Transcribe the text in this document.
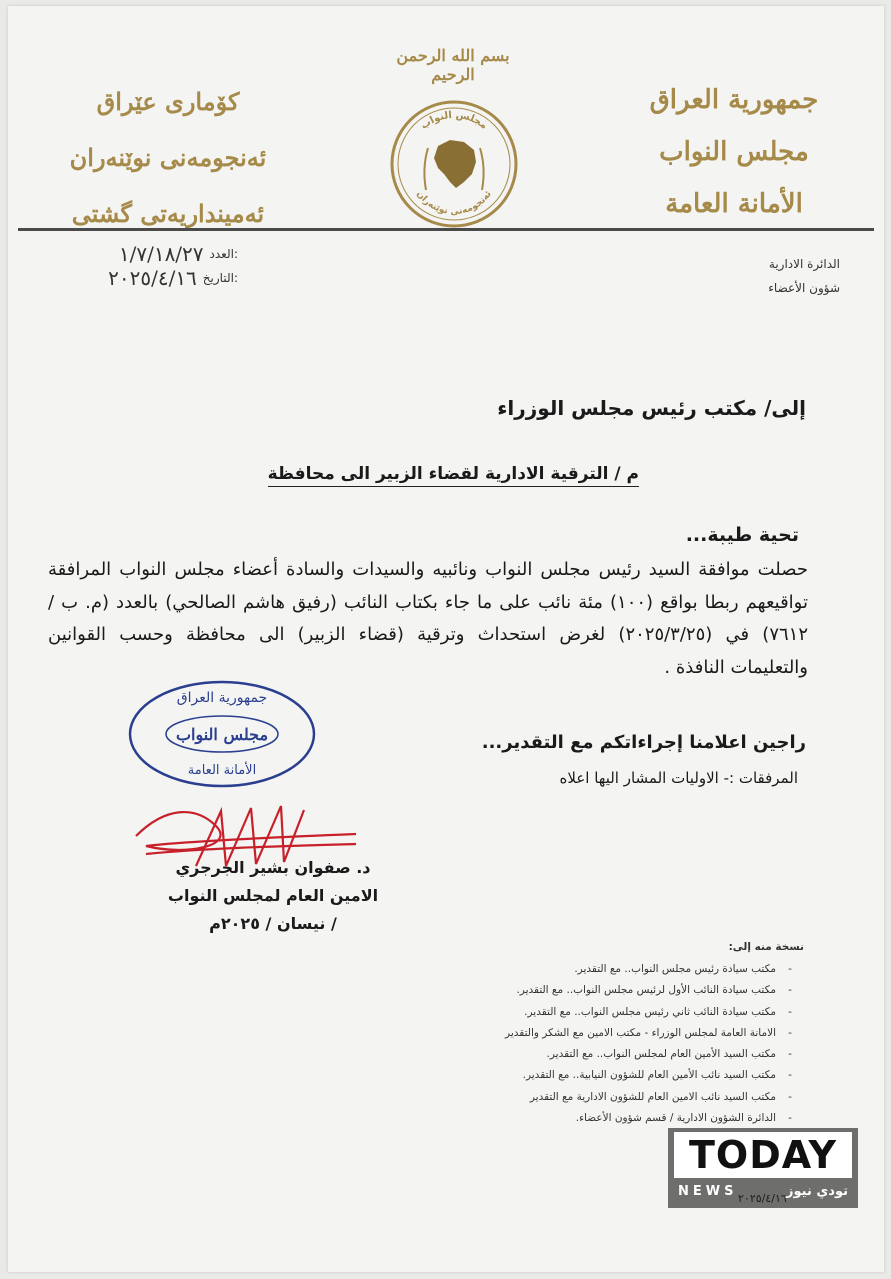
جمهورية العراق
مجلس النواب
الأمانة العامة
كۆماری عێراق
ئەنجومەنی نوێنەران
ئەمینداریەتی گشتی
بسم الله الرحمن الرحيم
مجلس النواب
ئەنجومەنی نوێنەران
الدائرة الادارية
شؤون الأعضاء
١/٧/١٨/٢٧ العدد:
٢٠٢٥/٤/١٦ التاريخ:
إلى/ مكتب رئيس مجلس الوزراء
م / الترقية الادارية لقضاء الزبير الى محافظة
تحية طيبة...
حصلت موافقة السيد رئيس مجلس النواب ونائبيه والسيدات والسادة أعضاء مجلس النواب المرافقة تواقيعهم ربطا بواقع (١٠٠) مئة نائب على ما جاء بكتاب النائب (رفيق هاشم الصالحي) بالعدد (م. ب /٧٦١٢) في (٢٠٢٥/٣/٢٥) لغرض استحداث وترقية (قضاء الزبير) الى محافظة وحسب القوانين والتعليمات النافذة .
راجين اعلامنا إجراءاتكم مع التقدير...
المرفقات :- الاوليات المشار اليها اعلاه
جمهورية العراق
مجلس النواب
الأمانة العامة
د. صفوان بشير الجرجري
الامين العام لمجلس النواب
/ نيسان / ٢٠٢٥م
نسخة منه إلى:
-
مكتب سيادة رئيس مجلس النواب.. مع التقدير.
-
مكتب سيادة النائب الأول لرئيس مجلس النواب.. مع التقدير.
-
مكتب سيادة النائب ثاني رئيس مجلس النواب.. مع التقدير.
-
الامانة العامة لمجلس الوزراء - مكتب الامين مع الشكر والتقدير
-
مكتب السيد الأمين العام لمجلس النواب.. مع التقدير.
-
مكتب السيد نائب الأمين العام للشؤون النيابية.. مع التقدير.
-
مكتب السيد نائب الامين العام للشؤون الادارية مع التقدير
-
الدائرة الشؤون الادارية / قسم شؤون الأعضاء.
TODAY
NEWS	تودي نيوز
